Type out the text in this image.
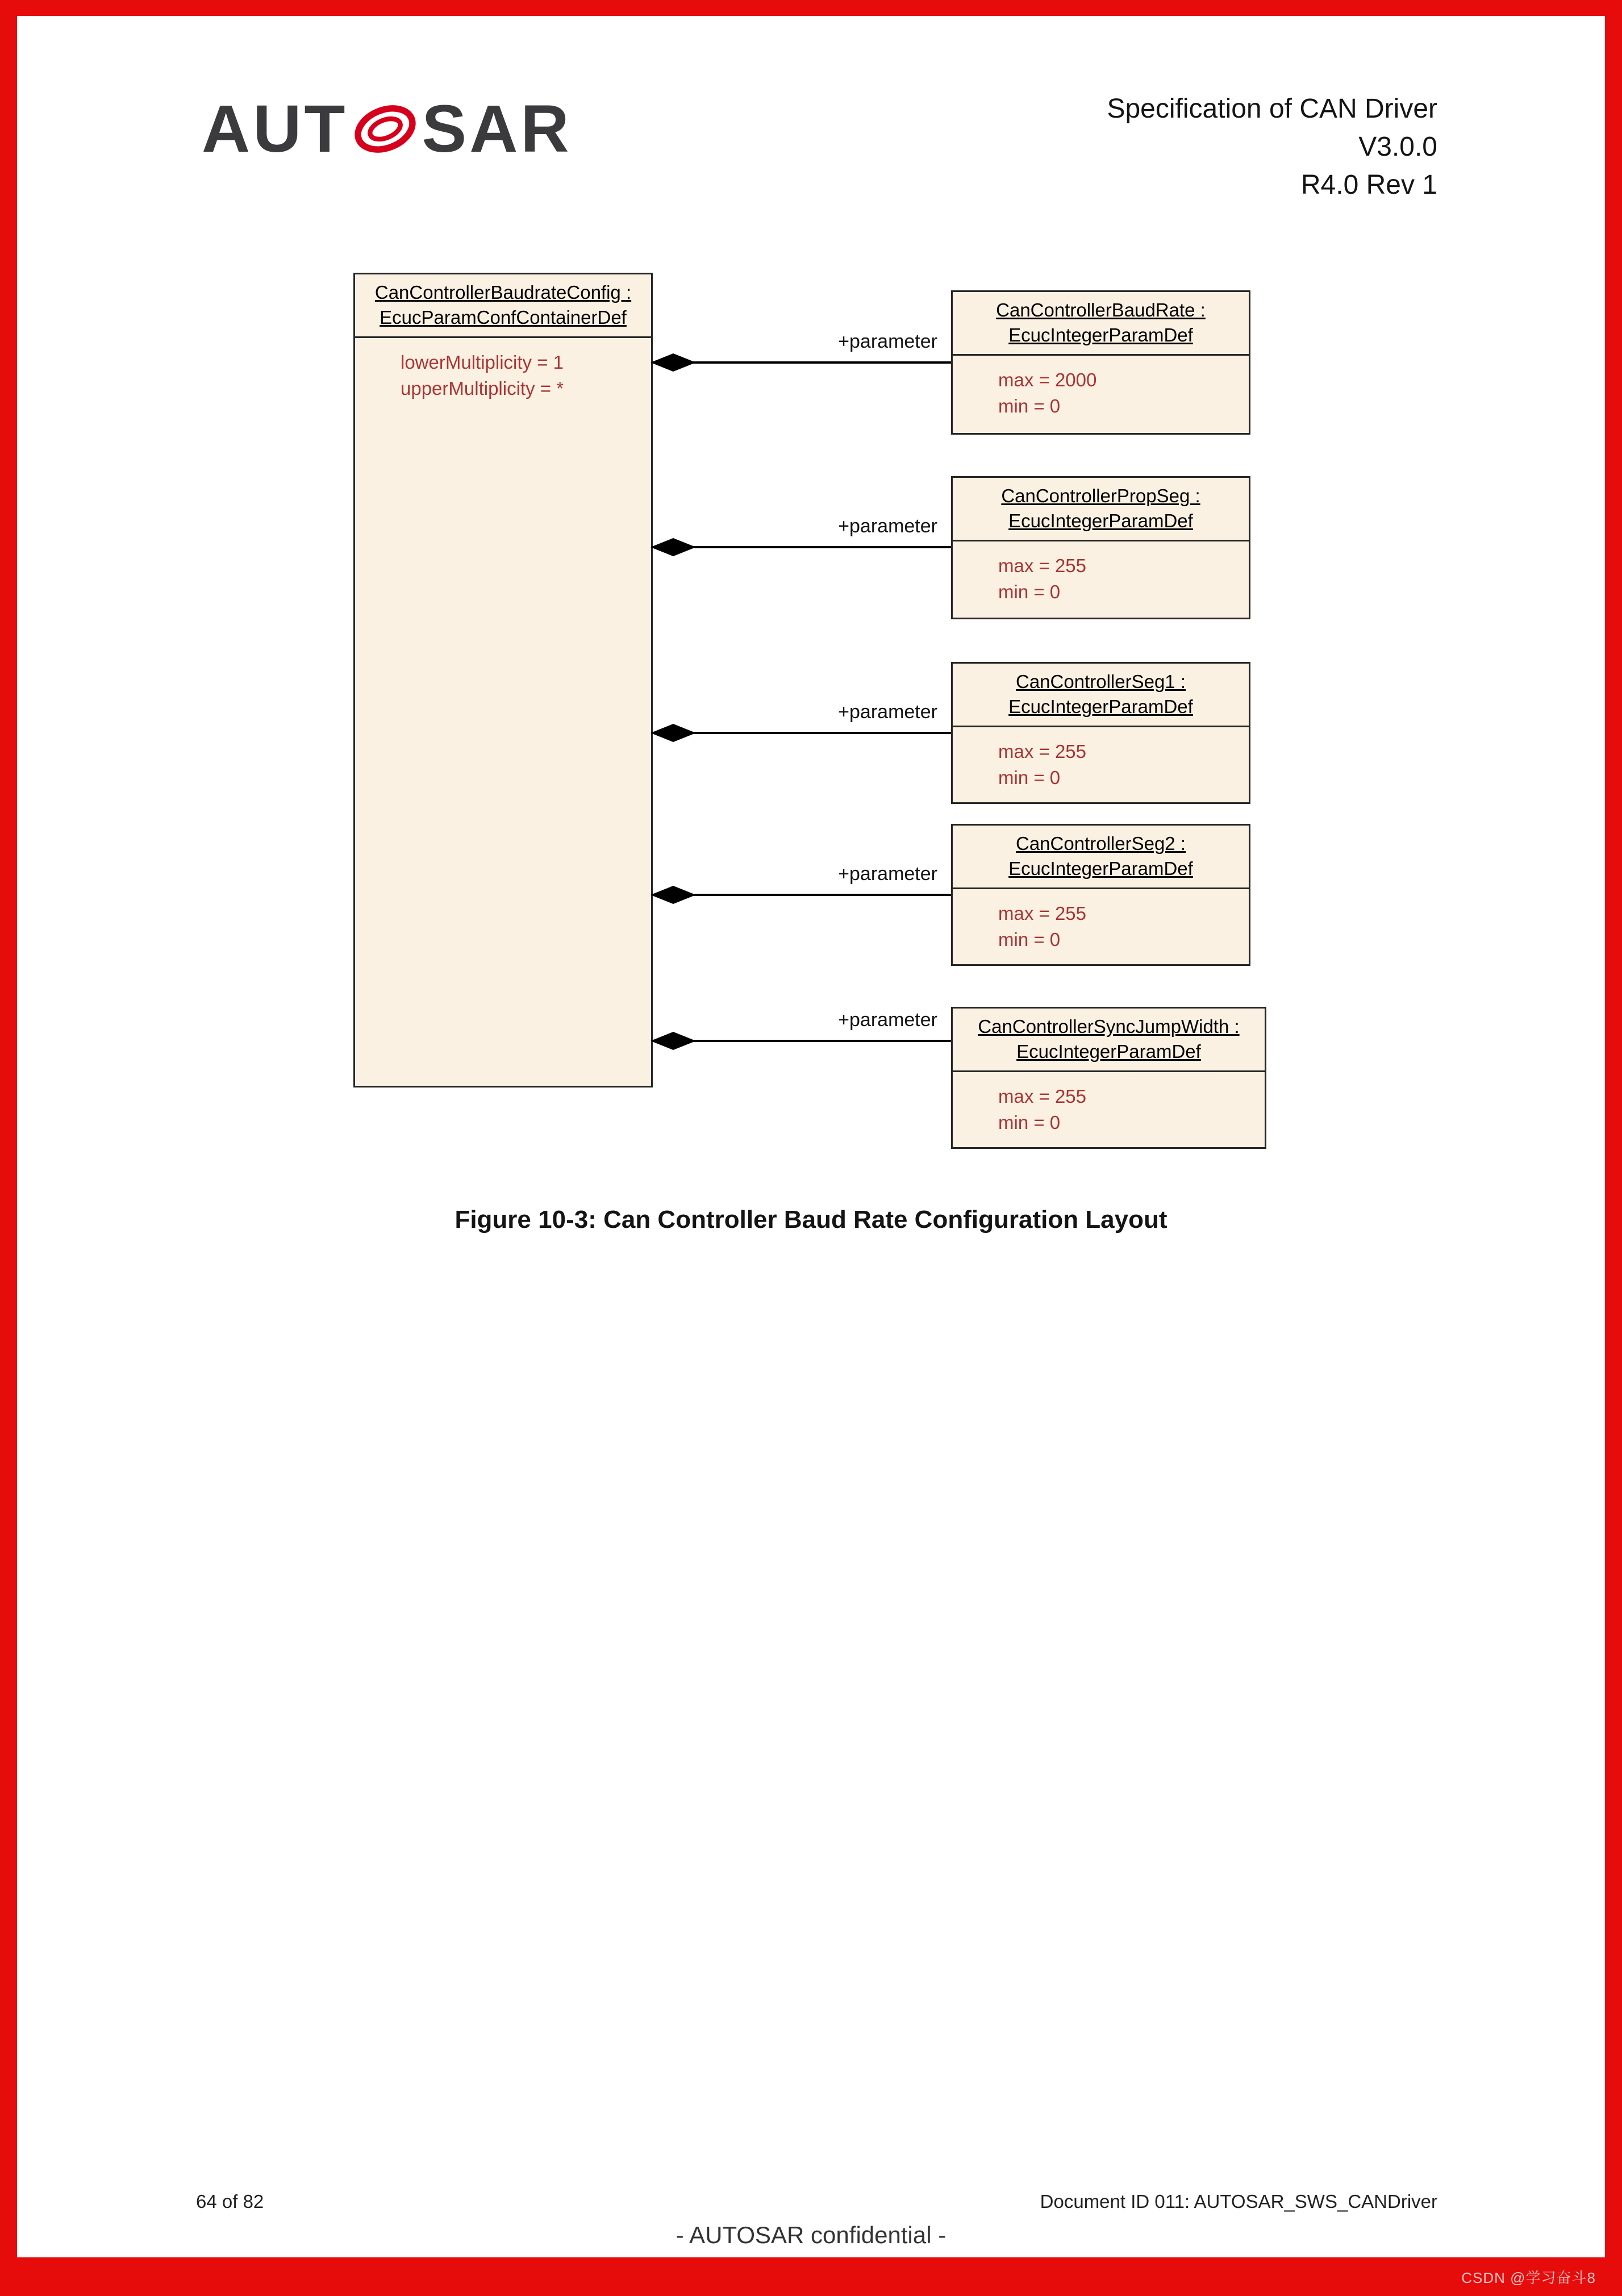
CSDN @学习奋斗8
AUT SAR	Specification of CAN Driver
V3.0.0
R4.0 Rev 1
CanControllerBaudrateConfig :
EcucParamConfContainerDef
lowerMultiplicity = 1
upperMultiplicity = *
+parameter
+parameter
+parameter
+parameter
+parameter
CanControllerBaudRate :
EcucIntegerParamDef
max = 2000
min = 0
CanControllerPropSeg :
EcucIntegerParamDef
max = 255
min = 0
CanControllerSeg1 :
EcucIntegerParamDef
max = 255
min = 0
CanControllerSeg2 :
EcucIntegerParamDef
max = 255
min = 0
CanControllerSyncJumpWidth :
EcucIntegerParamDef
max = 255
min = 0
Figure 10-3: Can Controller Baud Rate Configuration Layout
64 of 82	Document ID 011: AUTOSAR_SWS_CANDriver
- AUTOSAR confidential -
